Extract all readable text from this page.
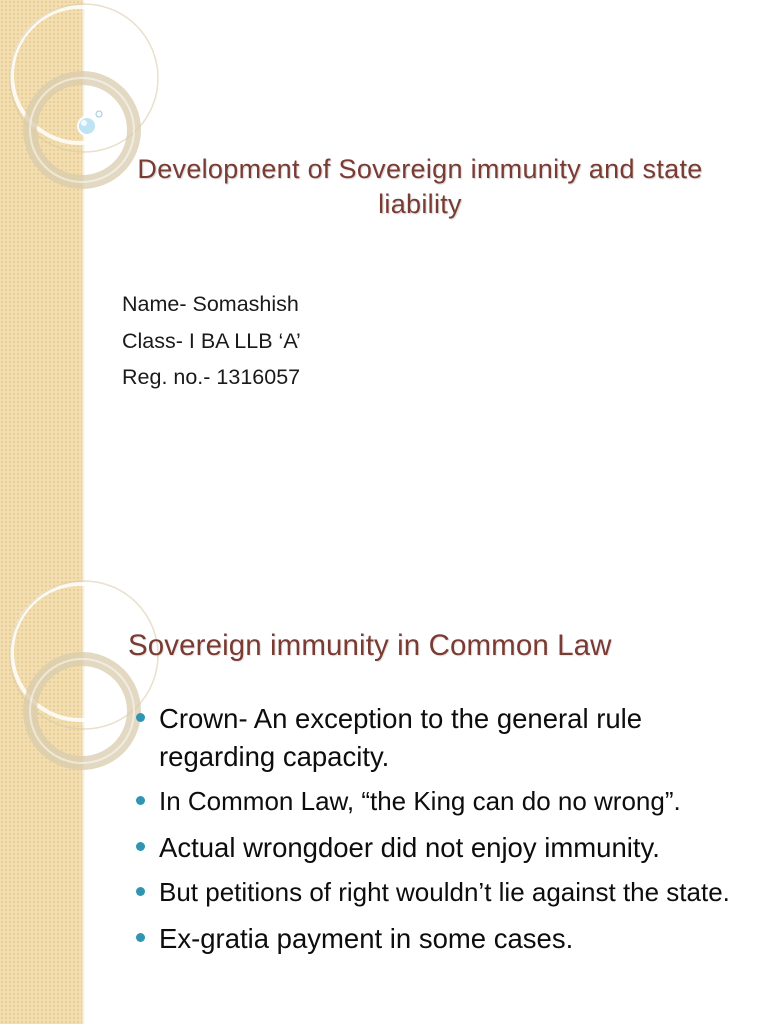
Development of Sovereign immunity and state liability
Name- Somashish
Class- I BA LLB ‘A’
Reg. no.- 1316057
Sovereign immunity in Common Law
Crown- An exception to the general rule regarding capacity.
In Common Law, “the King can do no wrong”.
Actual wrongdoer did not enjoy immunity.
But petitions of right wouldn’t lie against the state.
Ex-gratia payment in some cases.
